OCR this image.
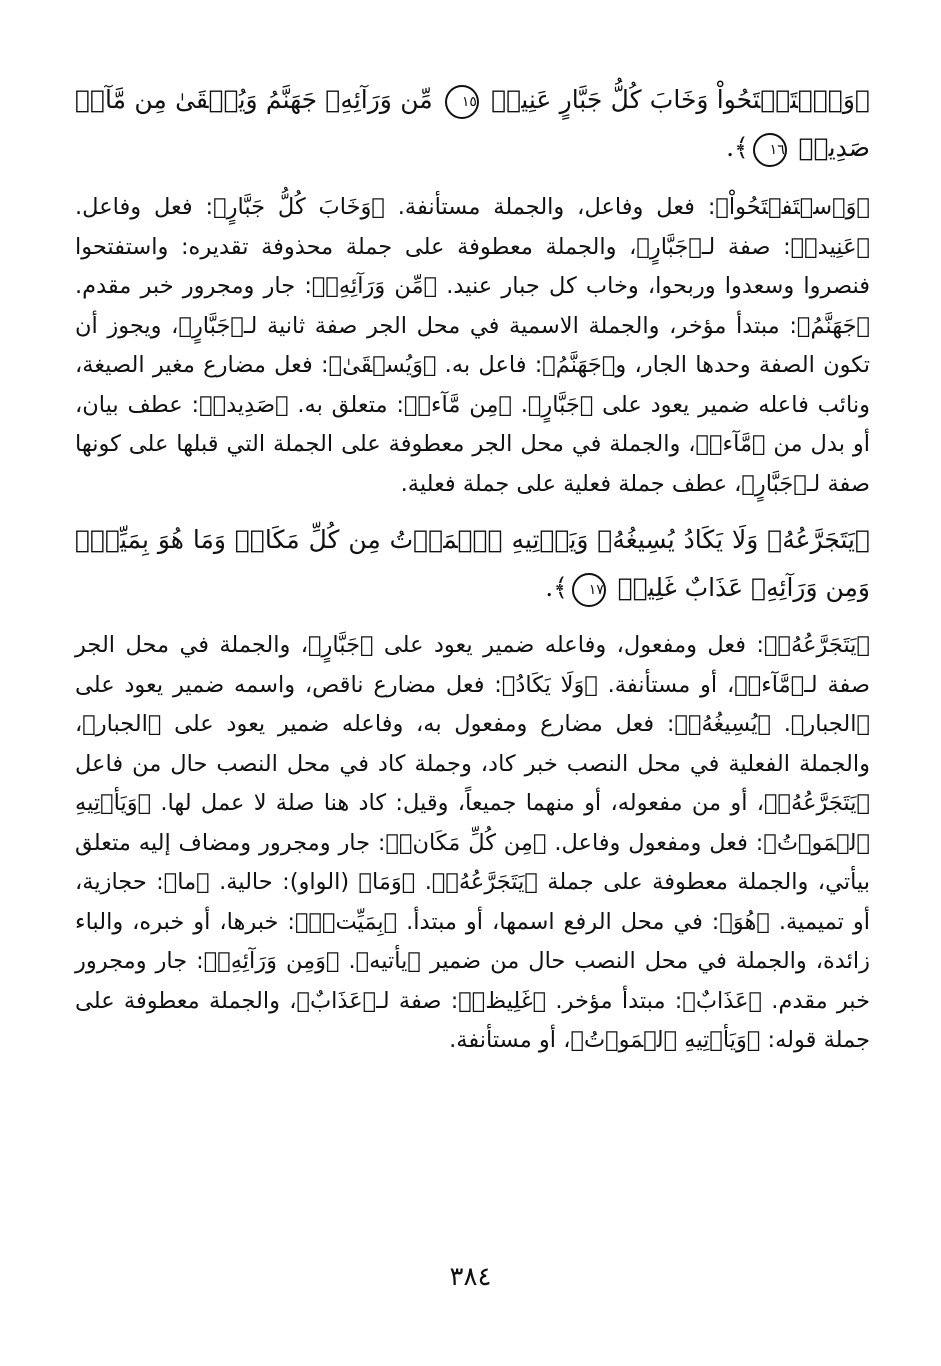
﴿وَٱسۡتَفۡتَحُواْ وَخَابَ كُلُّ جَبَّارٍ عَنِيدٖ ١٥ مِّن وَرَآئِهِۦ جَهَنَّمُ وَيُسۡقَىٰ مِن مَّآءٖ صَدِيدٖ ١٦﴾.

﴿وَٱسۡتَفۡتَحُواْ﴾: فعل وفاعل، والجملة مستأنفة. ﴿وَخَابَ كُلُّ جَبَّارٍ﴾: فعل وفاعل. ﴿عَنِيدٖ﴾: صفة لـ﴿جَبَّارٍ﴾، والجملة معطوفة على جملة محذوفة تقديره: واستفتحوا فنصروا وسعدوا وربحوا، وخاب كل جبار عنيد. ﴿مِّن وَرَآئِهِۦ﴾: جار ومجرور خبر مقدم. ﴿جَهَنَّمُ﴾: مبتدأ مؤخر، والجملة الاسمية في محل الجر صفة ثانية لـ﴿جَبَّارٍ﴾، ويجوز أن تكون الصفة وحدها الجار، و﴿جَهَنَّمُ﴾: فاعل به. ﴿وَيُسۡقَىٰ﴾: فعل مضارع مغير الصيغة، ونائب فاعله ضمير يعود على ﴿جَبَّارٍ﴾. ﴿مِن مَّآءٖ﴾: متعلق به. ﴿صَدِيدٖ﴾: عطف بيان، أو بدل من ﴿مَّآءٖ﴾، والجملة في محل الجر معطوفة على الجملة التي قبلها على كونها صفة لـ﴿جَبَّارٍ﴾، عطف جملة فعلية على جملة فعلية.

﴿يَتَجَرَّعُهُۥ وَلَا يَكَادُ يُسِيغُهُۥ وَيَأۡتِيهِ ٱلۡمَوۡتُ مِن كُلِّ مَكَانٖ وَمَا هُوَ بِمَيِّتٖۖ وَمِن وَرَآئِهِۦ عَذَابٌ غَلِيظٞ ١٧﴾.

﴿يَتَجَرَّعُهُۥ﴾: فعل ومفعول، وفاعله ضمير يعود على ﴿جَبَّارٍ﴾، والجملة في محل الجر صفة لـ﴿مَّآءٖ﴾، أو مستأنفة. ﴿وَلَا يَكَادُ﴾: فعل مضارع ناقص، واسمه ضمير يعود على ﴿الجبار﴾. ﴿يُسِيغُهُۥ﴾: فعل مضارع ومفعول به، وفاعله ضمير يعود على ﴿الجبار﴾، والجملة الفعلية في محل النصب خبر كاد، وجملة كاد في محل النصب حال من فاعل ﴿يَتَجَرَّعُهُۥ﴾، أو من مفعوله، أو منهما جميعاً، وقيل: كاد هنا صلة لا عمل لها. ﴿وَيَأۡتِيهِ ٱلۡمَوۡتُ﴾: فعل ومفعول وفاعل. ﴿مِن كُلِّ مَكَانٖ﴾: جار ومجرور ومضاف إليه متعلق بيأتي، والجملة معطوفة على جملة ﴿يَتَجَرَّعُهُۥ﴾. ﴿وَمَا﴾ (الواو): حالية. ﴿ما﴾: حجازية، أو تميمية. ﴿هُوَ﴾: في محل الرفع اسمها، أو مبتدأ. ﴿بِمَيِّتٖۖ﴾: خبرها، أو خبره، والباء زائدة، والجملة في محل النصب حال من ضمير ﴿يأتيه﴾. ﴿وَمِن وَرَآئِهِۦ﴾: جار ومجرور خبر مقدم. ﴿عَذَابٌ﴾: مبتدأ مؤخر. ﴿غَلِيظٞ﴾: صفة لـ﴿عَذَابٌ﴾، والجملة معطوفة على جملة قوله: ﴿وَيَأۡتِيهِ ٱلۡمَوۡتُ﴾، أو مستأنفة.

٣٨٤
